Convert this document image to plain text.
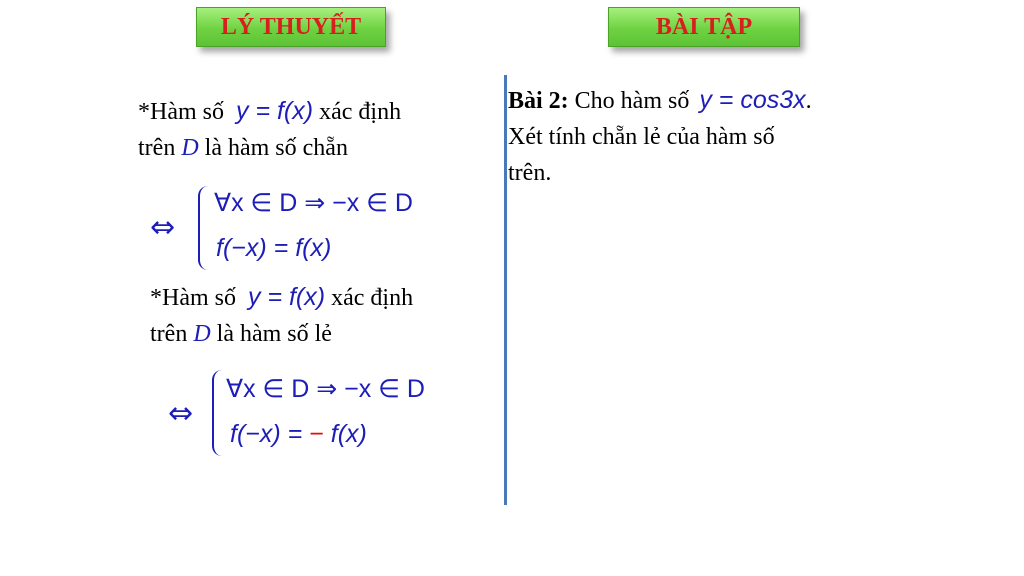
LÝ THUYẾT	BÀI TẬP
*Hàm số y = f(x) xác định
trên D là hàm số chẵn
⇔
∀x ∈ D ⇒ −x ∈ D
f(−x) = f(x)
*Hàm số y = f(x) xác định
trên D là hàm số lẻ
⇔
∀x ∈ D ⇒ −x ∈ D
f(−x) = − f(x)
Bài 2: Cho hàm số y = cos3x.
Xét tính chẵn lẻ của hàm số
trên.
